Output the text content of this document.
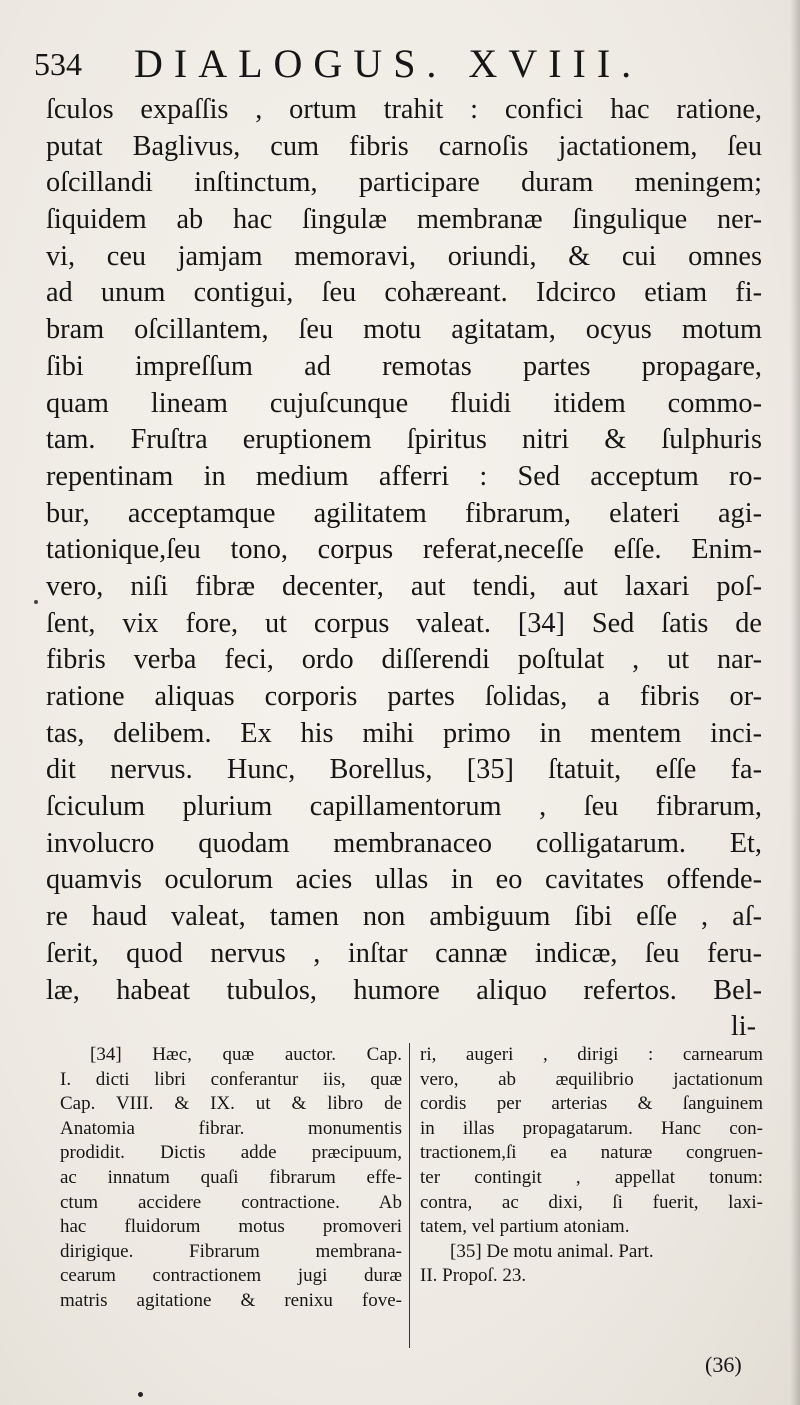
534 DIALOGUS. XVIII.
ſculos expaſſis , ortum trahit : confici hac ratione,
putat Baglivus, cum fibris carnoſis jactationem, ſeu
oſcillandi inſtinctum, participare duram meningem;
ſiquidem ab hac ſingulæ membranæ ſingulique ner-
vi, ceu jamjam memoravi, oriundi, & cui omnes
ad unum contigui, ſeu cohæreant. Idcirco etiam fi-
bram oſcillantem, ſeu motu agitatam, ocyus motum
ſibi impreſſum ad remotas partes propagare,
quam lineam cujuſcunque fluidi itidem commo-
tam. Fruſtra eruptionem ſpiritus nitri & ſulphuris
repentinam in medium afferri : Sed acceptum ro-
bur, acceptamque agilitatem fibrarum, elateri agi-
tationique,ſeu tono, corpus referat,neceſſe eſſe. Enim-
vero, niſi fibræ decenter, aut tendi, aut laxari poſ-
ſent, vix fore, ut corpus valeat. [34] Sed ſatis de
fibris verba feci, ordo diſſerendi poſtulat , ut nar-
ratione aliquas corporis partes ſolidas, a fibris or-
tas, delibem. Ex his mihi primo in mentem inci-
dit nervus. Hunc, Borellus, [35] ſtatuit, eſſe fa-
ſciculum plurium capillamentorum , ſeu fibrarum,
involucro quodam membranaceo colligatarum. Et,
quamvis oculorum acies ullas in eo cavitates offende-
re haud valeat, tamen non ambiguum ſibi eſſe , aſ-
ſerit, quod nervus , inſtar cannæ indicæ, ſeu feru-
læ, habeat tubulos, humore aliquo refertos. Bel-
li-
[34] Hæc, quæ auctor. Cap.
I. dicti libri conferantur iis, quæ
Cap. VIII. & IX. ut & libro de
Anatomia fibrar. monumentis
prodidit. Dictis adde præcipuum,
ac innatum quaſi fibrarum effe-
ctum accidere contractione. Ab
hac fluidorum motus promoveri
dirigique. Fibrarum membrana-
cearum contractionem jugi duræ
matris agitatione & renixu fove-
ri, augeri , dirigi : carnearum
vero, ab æquilibrio jactationum
cordis per arterias & ſanguinem
in illas propagatarum. Hanc con-
tractionem,ſi ea naturæ congruen-
ter contingit , appellat tonum:
contra, ac dixi, ſi fuerit, laxi-
tatem, vel partium atoniam.
[35] De motu animal. Part.
II. Propoſ. 23.
(36)
